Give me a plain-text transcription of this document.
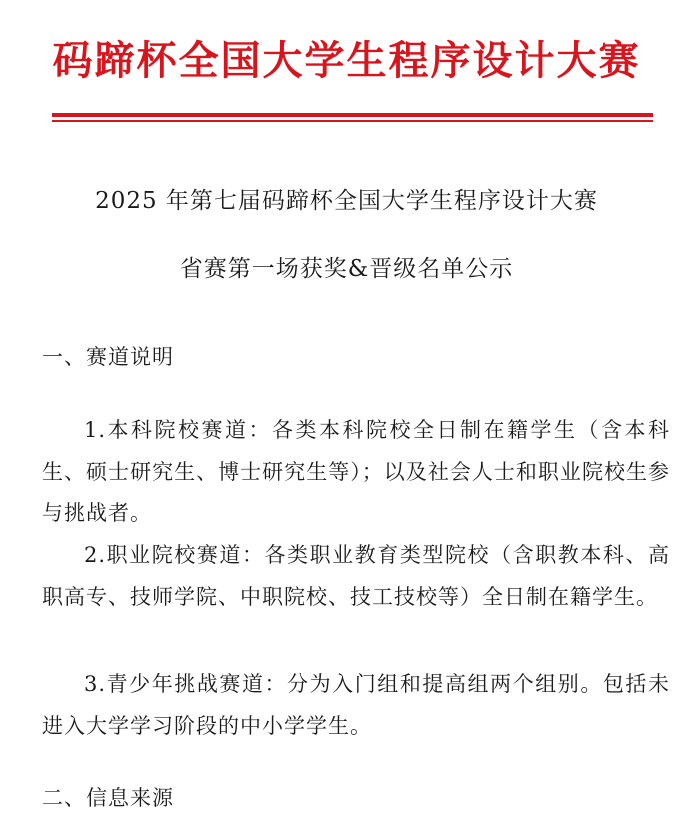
码蹄杯全国大学生程序设计大赛
2025 年第七届码蹄杯全国大学生程序设计大赛
省赛第一场获奖&晋级名单公示
一、赛道说明
1.本科院校赛道：各类本科院校全日制在籍学生（含本科生、硕士研究生、博士研究生等）；以及社会人士和职业院校生参与挑战者。
2.职业院校赛道：各类职业教育类型院校（含职教本科、高职高专、技师学院、中职院校、技工技校等）全日制在籍学生。
3.青少年挑战赛道：分为入门组和提高组两个组别。包括未进入大学学习阶段的中小学学生。
二、信息来源
